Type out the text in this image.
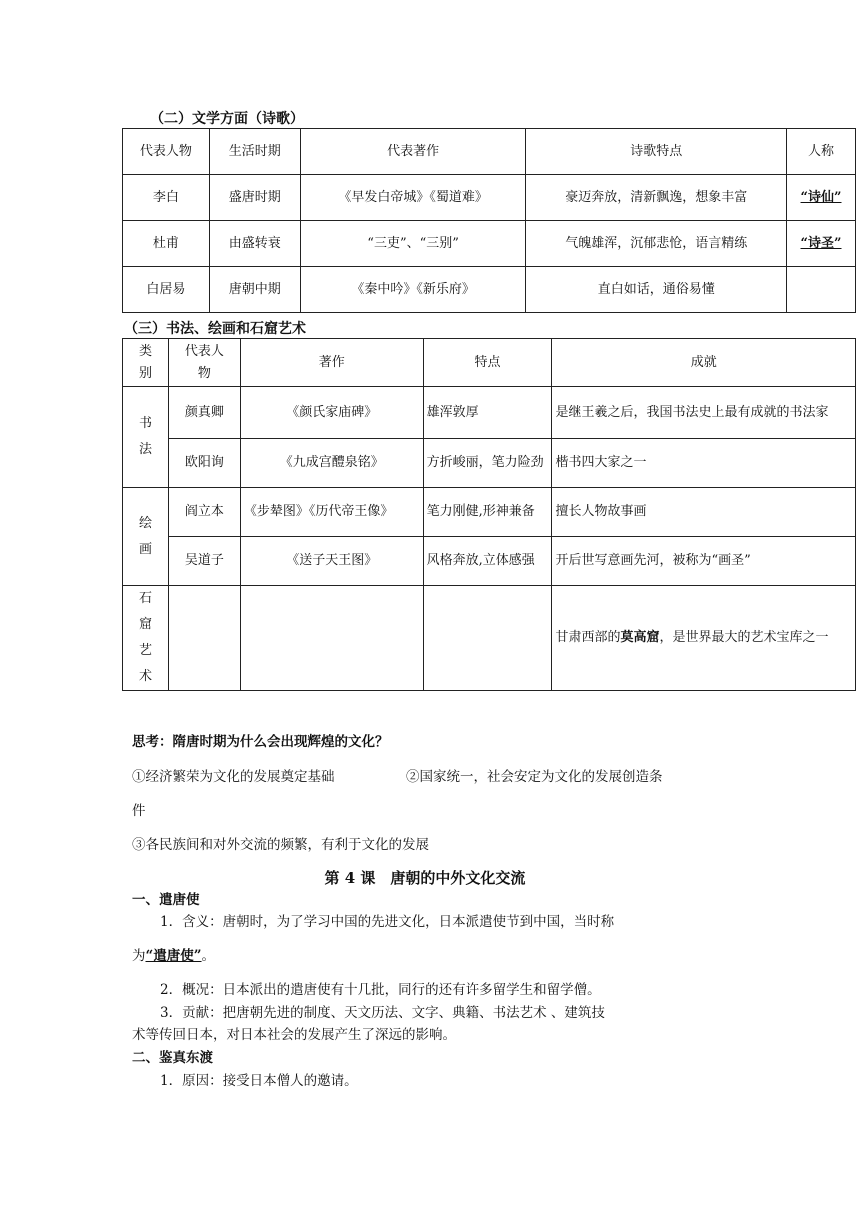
（二）文学方面（诗歌）
代表人物	生活时期	代表著作	诗歌特点	人称
李白	盛唐时期	《早发白帝城》《蜀道难》	豪迈奔放，清新飘逸，想象丰富	“诗仙”
杜甫	由盛转衰	“三吏”、“三别”	气魄雄浑，沉郁悲怆，语言精练	“诗圣”
白居易	唐朝中期	《秦中吟》《新乐府》	直白如话，通俗易懂	
（三）书法、绘画和石窟艺术
类别	代表人物	著作	特点	成就

书法	颜真卿	《颜氏家庙碑》	雄浑敦厚	是继王羲之后，我国书法史上最有成就的书法家
	欧阳询	《九成宫醴泉铭》	方折峻丽，笔力险劲	楷书四大家之一

绘画	阎立本	《步辇图》《历代帝王像》	笔力刚健,形神兼备	擅长人物故事画
	吴道子	《送子天王图》	风格奔放,立体感强	开后世写意画先河，被称为“画圣”

石窟艺术				甘肃西部的莫高窟，是世界最大的艺术宝库之一
思考：隋唐时期为什么会出现辉煌的文化？
①经济繁荣为文化的发展奠定基础	②国家统一，社会安定为文化的发展创造条
件
③各民族间和对外交流的频繁，有利于文化的发展
第 4 课　唐朝的中外文化交流
一、遣唐使
1．含义：唐朝时，为了学习中国的先进文化，日本派遣使节到中国，当时称
为“遣唐使”。
2．概况：日本派出的遣唐使有十几批，同行的还有许多留学生和留学僧。
3．贡献：把唐朝先进的制度、天文历法、文字、典籍、书法艺术 、建筑技
术等传回日本，对日本社会的发展产生了深远的影响。
二、鉴真东渡
1．原因：接受日本僧人的邀请。
